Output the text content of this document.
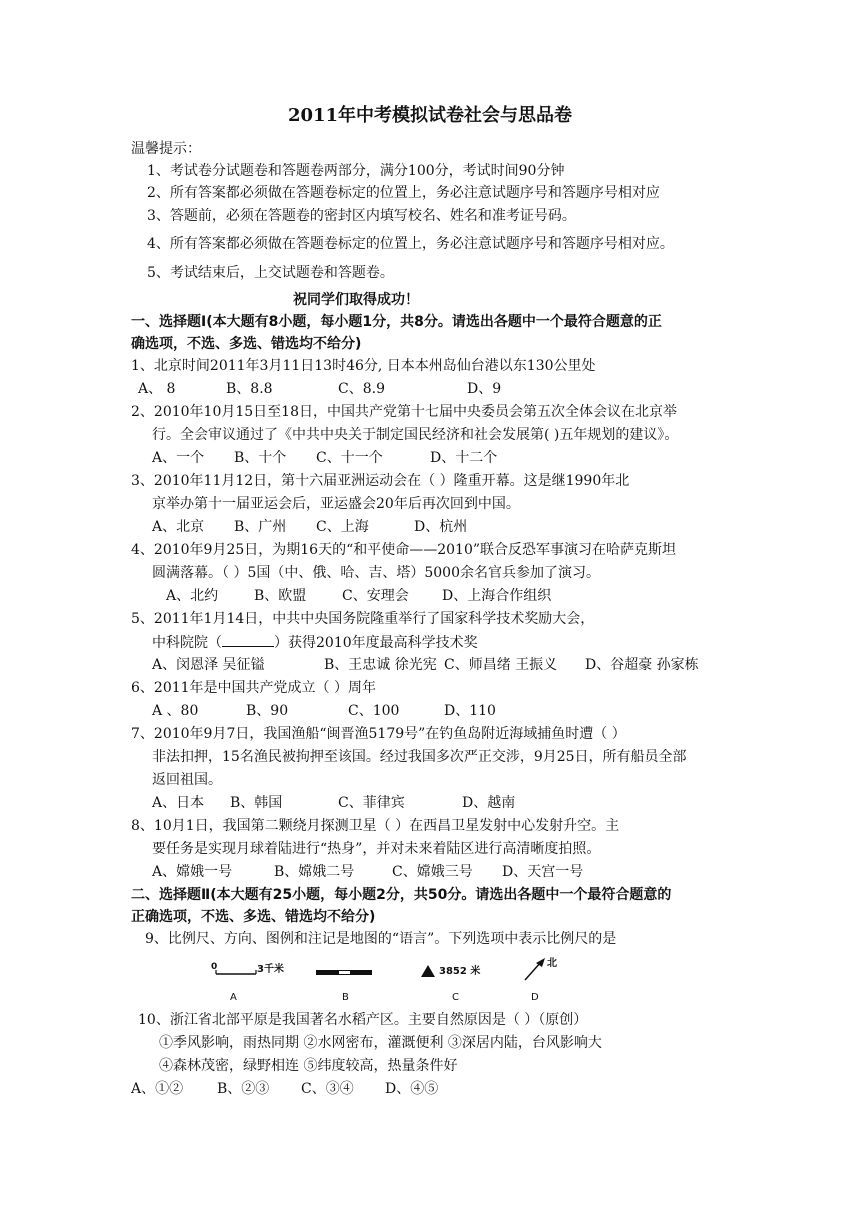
2011年中考模拟试卷社会与思品卷
温馨提示：
1、考试卷分试题卷和答题卷两部分，满分100分，考试时间90分钟
2、所有答案都必须做在答题卷标定的位置上，务必注意试题序号和答题序号相对应
3、答题前，必须在答题卷的密封区内填写校名、姓名和准考证号码。
4、所有答案都必须做在答题卷标定的位置上，务必注意试题序号和答题序号相对应。
5、考试结束后，上交试题卷和答题卷。
祝同学们取得成功！
一、选择题Ⅰ(本大题有8小题，每小题1分，共8分。请选出各题中一个最符合题意的正
确选项，不选、多选、错选均不给分)
1、北京时间2011年3月11日13时46分, 日本本州岛仙台港以东130公里处
A、 8	B、8.8	C、8.9	D、9
2、2010年10月15日至18日，中国共产党第十七届中央委员会第五次全体会议在北京举
行。全会审议通过了《中共中央关于制定国民经济和社会发展第( )五年规划的建议》。
A、一个 B、十个 C、十一个	D、十二个
3、2010年11月12日，第十六届亚洲运动会在（ ）隆重开幕。这是继1990年北
京举办第十一届亚运会后，亚运盛会20年后再次回到中国。
A、北京 B、广州 C、上海	D、杭州
4、2010年9月25日，为期16天的“和平使命——2010”联合反恐军事演习在哈萨克斯坦
圆满落幕。（ ）5国（中、俄、哈、吉、塔）5000余名官兵参加了演习。
A、北约	B、欧盟	C、安理会 D、上海合作组织
5、2011年1月14日，中共中央国务院隆重举行了国家科学技术奖励大会，
中科院院（	）获得2010年度最高科学技术奖
A、闵恩泽 吴征镒	B、王忠诚 徐光宪 C、师昌绪 王振义 D、谷超豪 孙家栋
6、2011年是中国共产党成立（ ）周年
A 、80	B、90	C、100	D、110
7、2010年9月7日，我国渔船“闽晋渔5179号”在钓鱼岛附近海域捕鱼时遭（ ）
非法扣押，15名渔民被拘押至该国。经过我国多次严正交涉，9月25日，所有船员全部
返回祖国。
A、日本 B、韩国	C、菲律宾	D、越南
8、10月1日，我国第二颗绕月探测卫星（ ）在西昌卫星发射中心发射升空。主
要任务是实现月球着陆进行“热身”，并对未来着陆区进行高清晰度拍照。
A、嫦娥一号	B、嫦娥二号	C、嫦娥三号 D、天宫一号
二、选择题Ⅱ(本大题有25小题，每小题2分，共50分。请选出各题中一个最符合题意的
正确选项，不选、多选、错选均不给分)
9、比例尺、方向、图例和注记是地图的“语言”。下列选项中表示比例尺的是
0	3千米	3852 米
北
A	B	C	D
10、浙江省北部平原是我国著名水稻产区。主要自然原因是（ ）（原创）
①季风影响，雨热同期 ②水网密布，灌溉便利 ③深居内陆，台风影响大
④森林茂密，绿野相连 ⑤纬度较高，热量条件好
A、①② B、②③ C、③④ D、④⑤
